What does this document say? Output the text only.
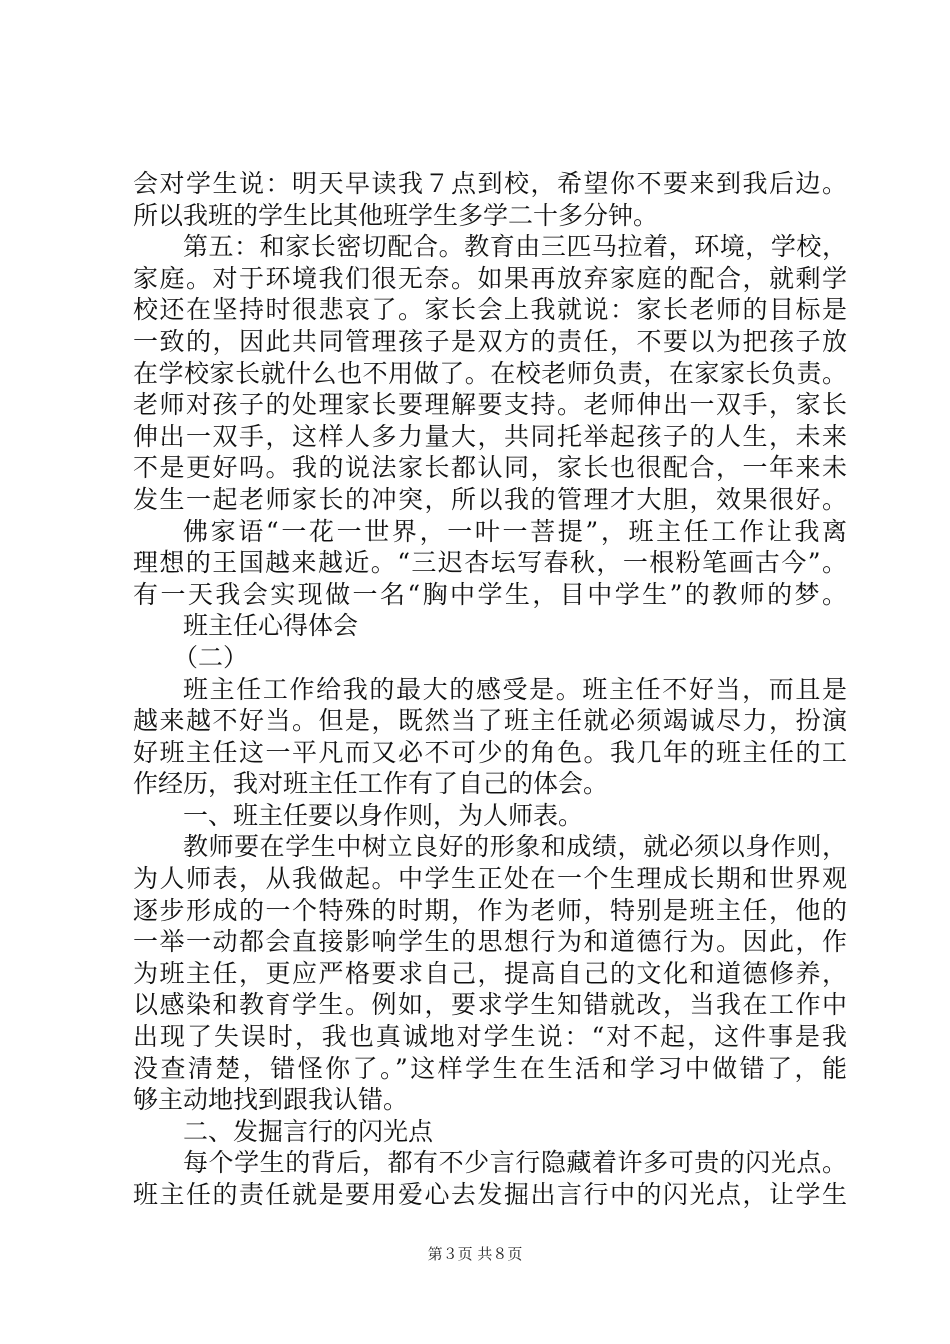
会对学生说：明天早读我７点到校，希望你不要来到我后边。
所以我班的学生比其他班学生多学二十多分钟。
第五：和家长密切配合。教育由三匹马拉着，环境，学校，
家庭。对于环境我们很无奈。如果再放弃家庭的配合，就剩学
校还在坚持时很悲哀了。家长会上我就说：家长老师的目标是
一致的，因此共同管理孩子是双方的责任，不要以为把孩子放
在学校家长就什么也不用做了。在校老师负责，在家家长负责。
老师对孩子的处理家长要理解要支持。老师伸出一双手，家长
伸出一双手，这样人多力量大，共同托举起孩子的人生，未来
不是更好吗。我的说法家长都认同，家长也很配合，一年来未
发生一起老师家长的冲突，所以我的管理才大胆，效果很好。
佛家语“一花一世界，一叶一菩提”，班主任工作让我离
理想的王国越来越近。“三迟杏坛写春秋，一根粉笔画古今”。
有一天我会实现做一名“胸中学生，目中学生”的教师的梦。
班主任心得体会
（二）
班主任工作给我的最大的感受是。班主任不好当，而且是
越来越不好当。但是，既然当了班主任就必须竭诚尽力，扮演
好班主任这一平凡而又必不可少的角色。我几年的班主任的工
作经历，我对班主任工作有了自己的体会。
一、班主任要以身作则，为人师表。
教师要在学生中树立良好的形象和成绩，就必须以身作则，
为人师表，从我做起。中学生正处在一个生理成长期和世界观
逐步形成的一个特殊的时期，作为老师，特别是班主任，他的
一举一动都会直接影响学生的思想行为和道德行为。因此，作
为班主任，更应严格要求自己，提高自己的文化和道德修养，
以感染和教育学生。例如，要求学生知错就改，当我在工作中
出现了失误时，我也真诚地对学生说：“对不起，这件事是我
没查清楚，错怪你了。”这样学生在生活和学习中做错了，能
够主动地找到跟我认错。
二、发掘言行的闪光点
每个学生的背后，都有不少言行隐藏着许多可贵的闪光点。
班主任的责任就是要用爱心去发掘出言行中的闪光点，让学生
第３页 共８页
